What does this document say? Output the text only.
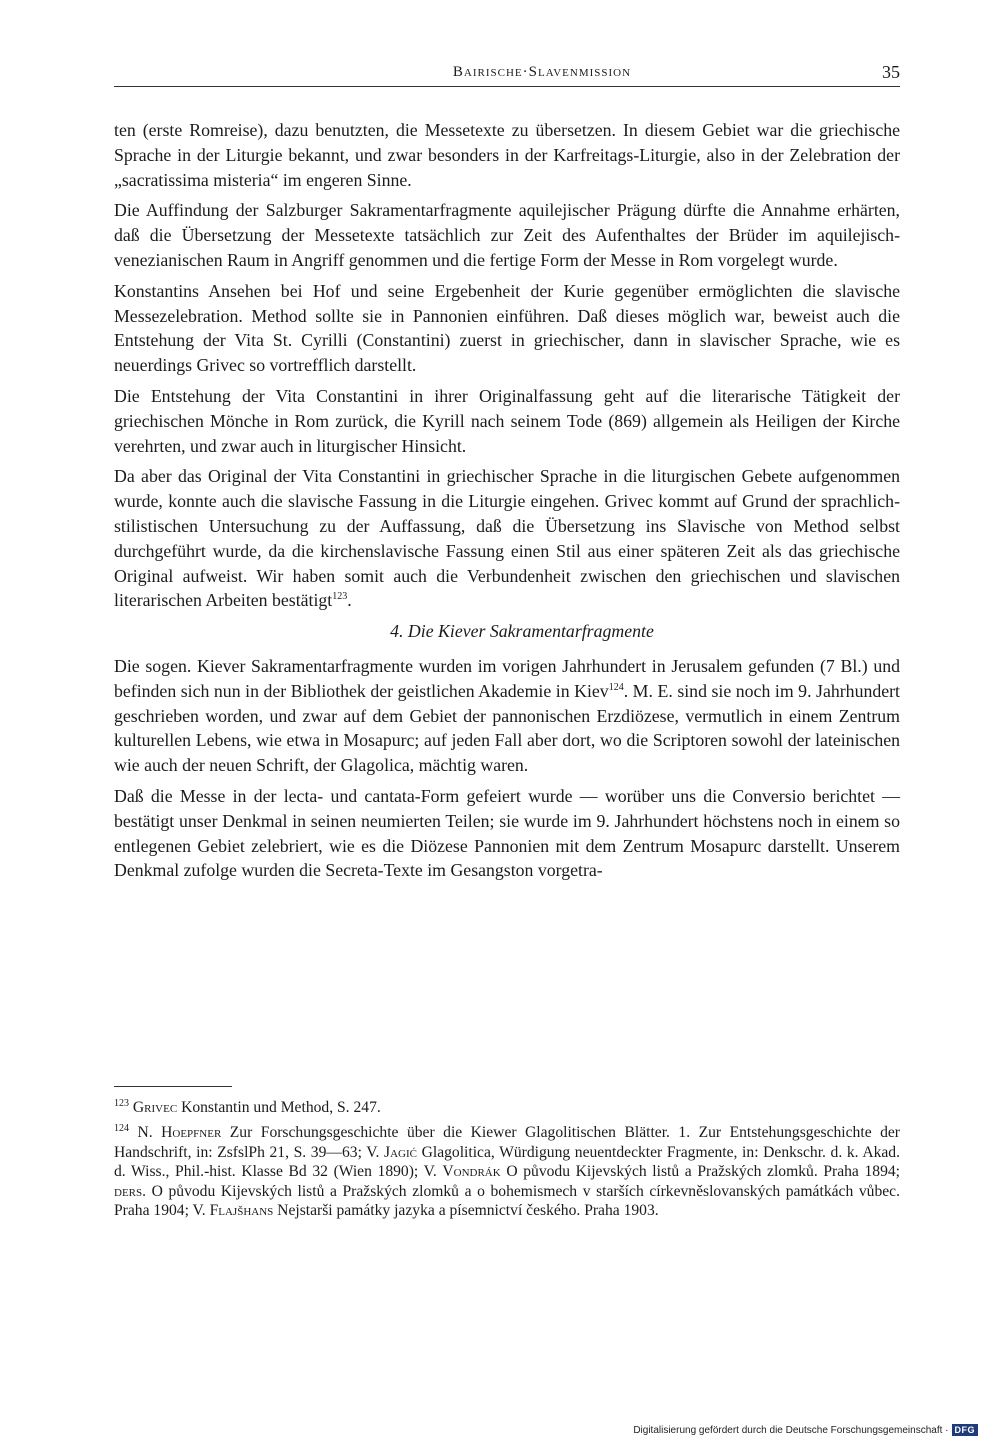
Bairische·Slavenmission	35

ten (erste Romreise), dazu benutzten, die Messetexte zu übersetzen. In diesem Gebiet war die griechische Sprache in der Liturgie bekannt, und zwar besonders in der Karfreitags-Liturgie, also in der Zelebration der „sacratissima misteria“ im engeren Sinne.

Die Auffindung der Salzburger Sakramentarfragmente aquilejischer Prägung dürfte die Annahme erhärten, daß die Übersetzung der Messetexte tatsächlich zur Zeit des Aufenthaltes der Brüder im aquilejisch-venezianischen Raum in Angriff genommen und die fertige Form der Messe in Rom vorgelegt wurde.

Konstantins Ansehen bei Hof und seine Ergebenheit der Kurie gegenüber ermöglichten die slavische Messezelebration. Method sollte sie in Pannonien einführen. Daß dieses möglich war, beweist auch die Entstehung der Vita St. Cyrilli (Constantini) zuerst in griechischer, dann in slavischer Sprache, wie es neuerdings Grivec so vortrefflich darstellt.

Die Entstehung der Vita Constantini in ihrer Originalfassung geht auf die literarische Tätigkeit der griechischen Mönche in Rom zurück, die Kyrill nach seinem Tode (869) allgemein als Heiligen der Kirche verehrten, und zwar auch in liturgischer Hinsicht.

Da aber das Original der Vita Constantini in griechischer Sprache in die liturgischen Gebete aufgenommen wurde, konnte auch die slavische Fassung in die Liturgie eingehen. Grivec kommt auf Grund der sprachlich-stilistischen Untersuchung zu der Auffassung, daß die Übersetzung ins Slavische von Method selbst durchgeführt wurde, da die kirchenslavische Fassung einen Stil aus einer späteren Zeit als das griechische Original aufweist. Wir haben somit auch die Verbundenheit zwischen den griechischen und slavischen literarischen Arbeiten bestätigt$^{123}$.

4. Die Kiever Sakramentarfragmente

Die sogen. Kiever Sakramentarfragmente wurden im vorigen Jahrhundert in Jerusalem gefunden (7 Bl.) und befinden sich nun in der Bibliothek der geistlichen Akademie in Kiev$^{124}$. M. E. sind sie noch im 9. Jahrhundert geschrieben worden, und zwar auf dem Gebiet der pannonischen Erzdiözese, vermutlich in einem Zentrum kulturellen Lebens, wie etwa in Mosapurc; auf jeden Fall aber dort, wo die Scriptoren sowohl der lateinischen wie auch der neuen Schrift, der Glagolica, mächtig waren.

Daß die Messe in der lecta- und cantata-Form gefeiert wurde — worüber uns die Conversio berichtet — bestätigt unser Denkmal in seinen neumierten Teilen; sie wurde im 9. Jahrhundert höchstens noch in einem so entlegenen Gebiet zelebriert, wie es die Diözese Pannonien mit dem Zentrum Mosapurc darstellt. Unserem Denkmal zufolge wurden die Secreta-Texte im Gesangston vorgetra-

$^{123}$ Grivec Konstantin und Method, S. 247.

$^{124}$ N. Hoepfner Zur Forschungsgeschichte über die Kiewer Glagolitischen Blätter. 1. Zur Entstehungsgeschichte der Handschrift, in: ZsfslPh 21, S. 39—63; V. Jagić Glagolitica, Würdigung neuentdeckter Fragmente, in: Denkschr. d. k. Akad. d. Wiss., Phil.-hist. Klasse Bd 32 (Wien 1890); V. Vondrák O původu Kijevských listů a Pražských zlomků. Praha 1894; ders. O původu Kijevských listů a Pražských zlomků a o bohemismech v starších církevněslovanských památkách vůbec. Praha 1904; V. Flajšhans Nejstarši památky jazyka a písemnictví českého. Praha 1903.

Digitalisierung gefördert durch die Deutsche Forschungsgemeinschaft · DFG
